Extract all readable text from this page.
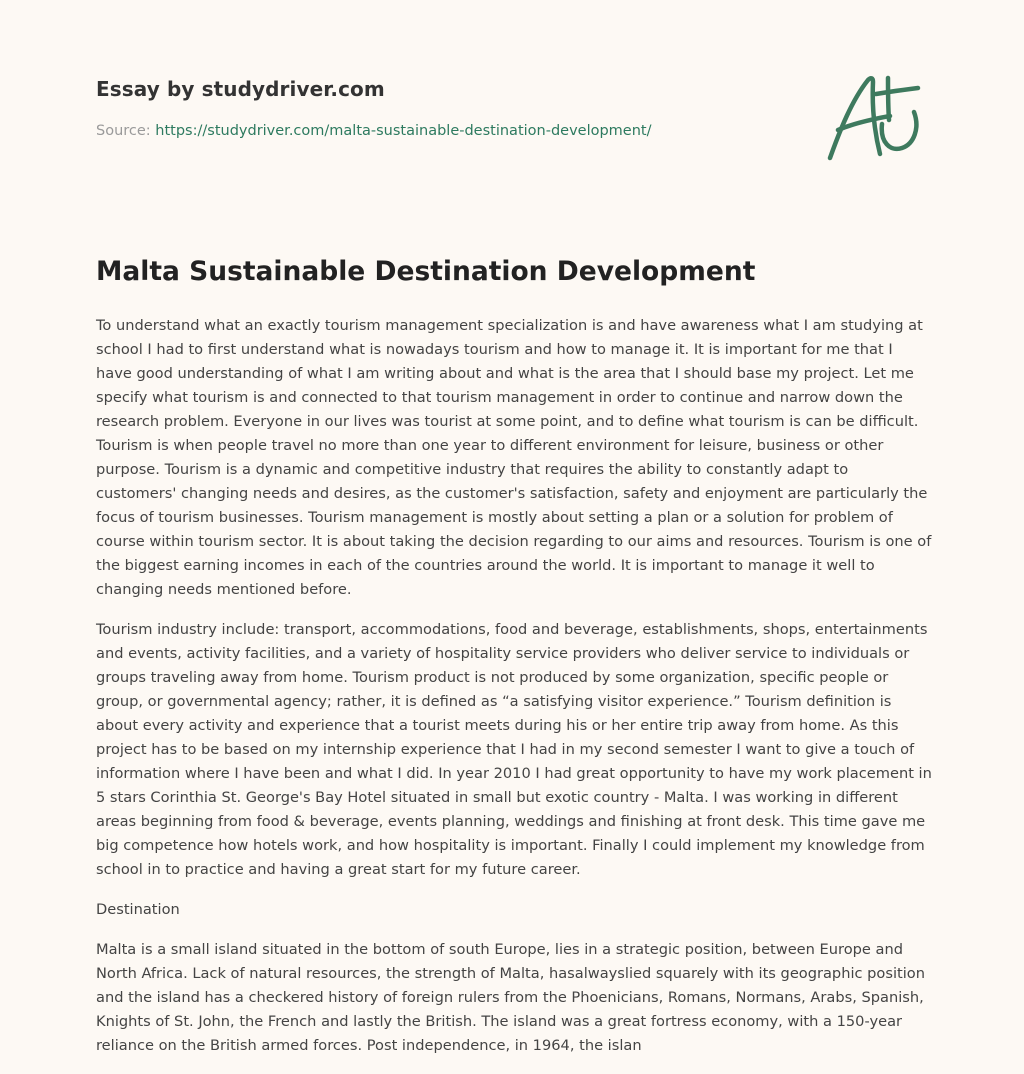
Essay by studydriver.com
Source: https://studydriver.com/malta-sustainable-destination-development/
Malta Sustainable Destination Development

To understand what an exactly tourism management specialization is and have awareness what I am studying at school I had to first understand what is nowadays tourism and how to manage it. It is important for me that I have good understanding of what I am writing about and what is the area that I should base my project. Let me specify what tourism is and connected to that tourism management in order to continue and narrow down the research problem. Everyone in our lives was tourist at some point, and to define what tourism is can be difficult. Tourism is when people travel no more than one year to different environment for leisure, business or other purpose. Tourism is a dynamic and competitive industry that requires the ability to constantly adapt to customers' changing needs and desires, as the customer's satisfaction, safety and enjoyment are particularly the focus of tourism businesses. Tourism management is mostly about setting a plan or a solution for problem of course within tourism sector. It is about taking the decision regarding to our aims and resources. Tourism is one of the biggest earning incomes in each of the countries around the world. It is important to manage it well to changing needs mentioned before.

Tourism industry include: transport, accommodations, food and beverage, establishments, shops, entertainments and events, activity facilities, and a variety of hospitality service providers who deliver service to individuals or groups traveling away from home. Tourism product is not produced by some organization, specific people or group, or governmental agency; rather, it is defined as “a satisfying visitor experience.” Tourism definition is about every activity and experience that a tourist meets during his or her entire trip away from home. As this project has to be based on my internship experience that I had in my second semester I want to give a touch of information where I have been and what I did. In year 2010 I had great opportunity to have my work placement in 5 stars Corinthia St. George's Bay Hotel situated in small but exotic country - Malta. I was working in different areas beginning from food & beverage, events planning, weddings and finishing at front desk. This time gave me big competence how hotels work, and how hospitality is important. Finally I could implement my knowledge from school in to practice and having a great start for my future career.

Destination

Malta is a small island situated in the bottom of south Europe, lies in a strategic position, between Europe and North Africa. Lack of natural resources, the strength of Malta, hasalwayslied squarely with its geographic position and the island has a checkered history of foreign rulers from the Phoenicians, Romans, Normans, Arabs, Spanish, Knights of St. John, the French and lastly the British. The island was a great fortress economy, with a 150-year reliance on the British armed forces. Post independence, in 1964, the islan
